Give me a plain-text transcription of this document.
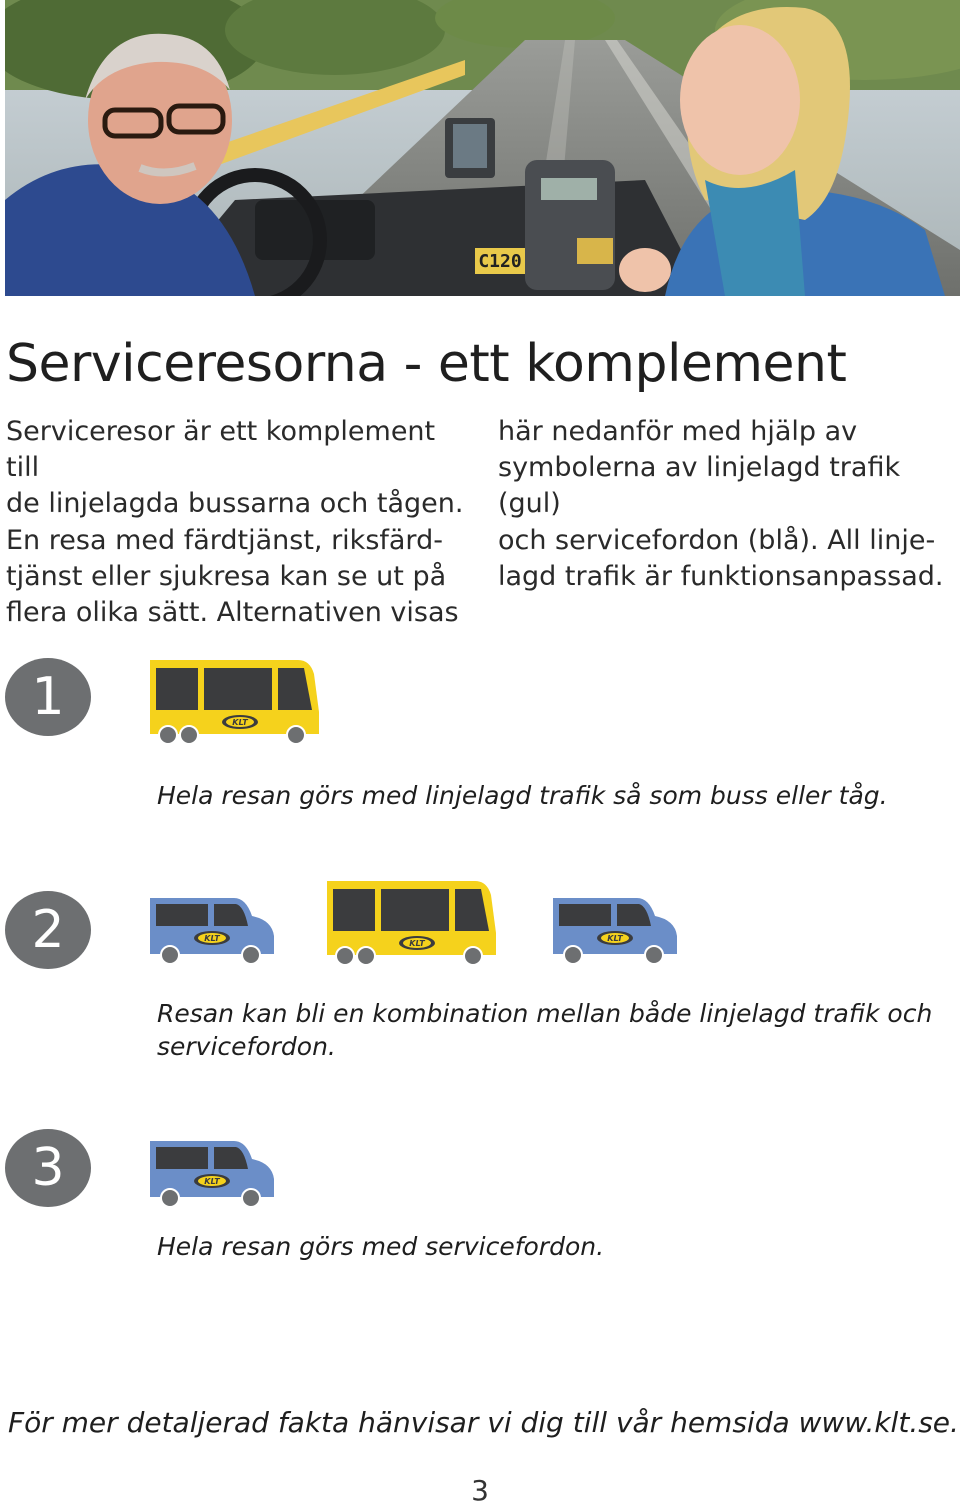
C120
Serviceresorna - ett komplement

Serviceresor är ett komplement till
de linjelagda bussarna och tågen.
En resa med färdtjänst, riksfärd-
tjänst eller sjukresa kan se ut på
flera olika sätt. Alternativen visas

här nedanför med hjälp av
symbolerna av linjelagd trafik (gul)
och servicefordon (blå). All linje-
lagd trafik är funktionsanpassad.

1	KLT

Hela resan görs med linjelagd trafik så som buss eller tåg.

2	KLT
KLT
KLT

Resan kan bli en kombination mellan både linjelagd trafik och servicefordon.

3	KLT

Hela resan görs med servicefordon.

För mer detaljerad fakta hänvisar vi dig till vår hemsida www.klt.se.

3
